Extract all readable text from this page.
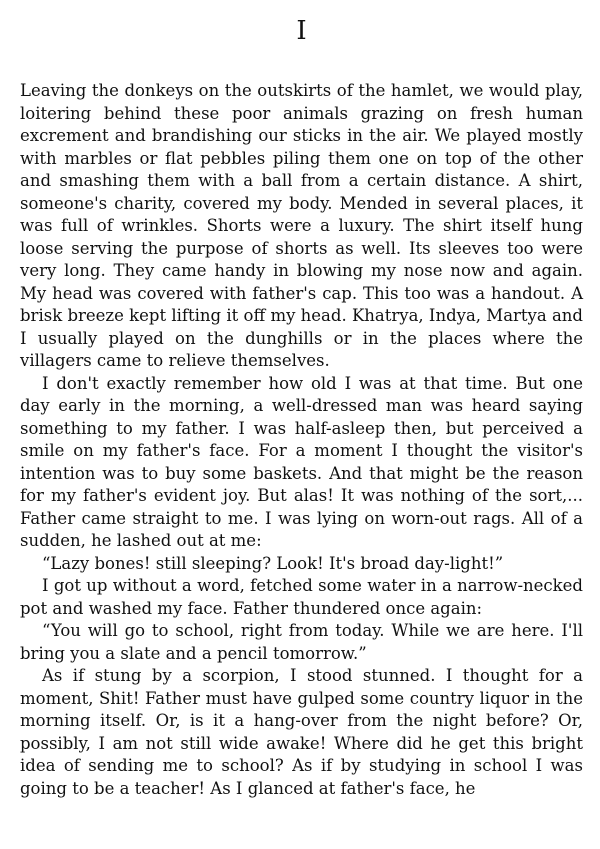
I

Leaving the donkeys on the outskirts of the hamlet, we would play, loitering behind these poor animals grazing on fresh human excrement and brandishing our sticks in the air. We played mostly with marbles or flat pebbles piling them one on top of the other and smashing them with a ball from a certain distance. A shirt, someone's charity, covered my body. Mended in several places, it was full of wrinkles. Shorts were a luxury. The shirt itself hung loose serving the purpose of shorts as well. Its sleeves too were very long. They came handy in blowing my nose now and again. My head was covered with father's cap. This too was a handout. A brisk breeze kept lifting it off my head. Khatrya, Indya, Martya and I usually played on the dunghills or in the places where the villagers came to relieve themselves.

I don't exactly remember how old I was at that time. But one day early in the morning, a well-dressed man was heard saying something to my father. I was half-asleep then, but perceived a smile on my father's face. For a moment I thought the visitor's intention was to buy some baskets. And that might be the reason for my father's evident joy. But alas! It was nothing of the sort,... Father came straight to me. I was lying on worn-out rags. All of a sudden, he lashed out at me:

“Lazy bones! still sleeping? Look! It's broad day-light!”

I got up without a word, fetched some water in a narrow-necked pot and washed my face. Father thundered once again:

“You will go to school, right from today. While we are here. I'll bring you a slate and a pencil tomorrow.”

As if stung by a scorpion, I stood stunned. I thought for a moment, Shit! Father must have gulped some country liquor in the morning itself. Or, is it a hang-over from the night before? Or, possibly, I am not still wide awake! Where did he get this bright idea of sending me to school? As if by studying in school I was going to be a teacher! As I glanced at father's face, he
